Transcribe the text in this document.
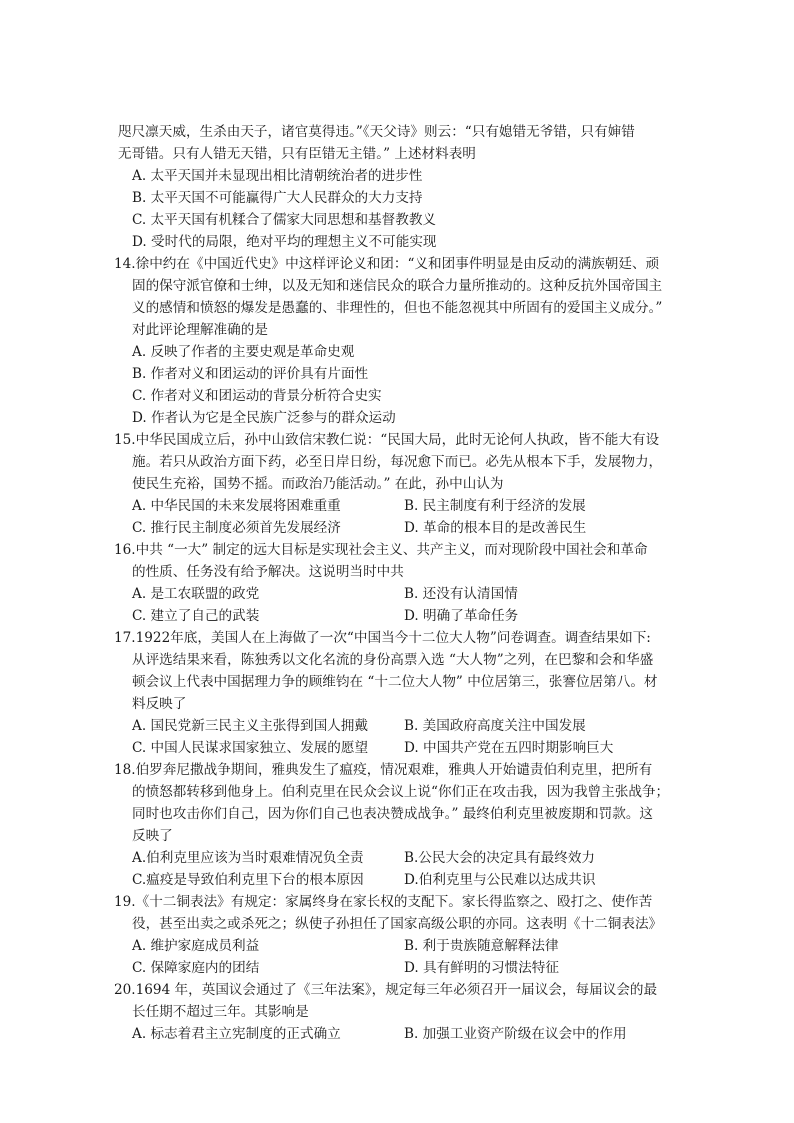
咫尺凛天威，生杀由天子，诸官莫得违。”《天父诗》则云：“只有媳错无爷错，只有婶错
无哥错。只有人错无天错，只有臣错无主错。” 上述材料表明
A. 太平天国并未显现出相比清朝统治者的进步性
B. 太平天国不可能赢得广大人民群众的大力支持
C. 太平天国有机糅合了儒家大同思想和基督教教义
D. 受时代的局限，绝对平均的理想主义不可能实现
14.徐中约在《中国近代史》中这样评论义和团：“义和团事件明显是由反动的满族朝廷、顽
固的保守派官僚和士绅，以及无知和迷信民众的联合力量所推动的。这种反抗外国帝国主
义的感情和愤怒的爆发是愚蠢的、非理性的，但也不能忽视其中所固有的爱国主义成分。”
对此评论理解准确的是
A. 反映了作者的主要史观是革命史观
B. 作者对义和团运动的评价具有片面性
C. 作者对义和团运动的背景分析符合史实
D. 作者认为它是全民族广泛参与的群众运动
15.中华民国成立后，孙中山致信宋教仁说：“民国大局，此时无论何人执政，皆不能大有设
施。若只从政治方面下药，必至日岸日纷，每况愈下而已。必先从根本下手，发展物力，
使民生充裕，国势不摇。而政治乃能活动。” 在此，孙中山认为
A. 中华民国的未来发展将困难重重	B. 民主制度有利于经济的发展
C. 推行民主制度必须首先发展经济	D. 革命的根本目的是改善民生
16.中共 “一大” 制定的远大目标是实现社会主义、共产主义，而对现阶段中国社会和革命
的性质、任务没有给予解决。这说明当时中共
A. 是工农联盟的政党	B. 还没有认清国情
C. 建立了自己的武装	D. 明确了革命任务
17.1922年底，美国人在上海做了一次“中国当今十二位大人物”问卷调查。调查结果如下:
从评选结果来看，陈独秀以文化名流的身份高票入选 “大人物”之列，在巴黎和会和华盛
顿会议上代表中国据理力争的顾维钧在 “十二位大人物” 中位居第三，张謇位居第八。材
料反映了
A. 国民党新三民主义主张得到国人拥戴	B. 美国政府高度关注中国发展
C. 中国人民谋求国家独立、发展的愿望	D. 中国共产党在五四时期影响巨大
18.伯罗奔尼撒战争期间，雅典发生了瘟疫，情况艰难，雅典人开始谴责伯利克里，把所有
的愤怒都转移到他身上。伯利克里在民众会议上说“你们正在攻击我，因为我曾主张战争；
同时也攻击你们自己，因为你们自己也表决赞成战争。” 最终伯利克里被废期和罚款。这
反映了
A.伯利克里应该为当时艰难情况负全责	B.公民大会的决定具有最终效力
C.瘟疫是导致伯利克里下台的根本原因	D.伯利克里与公民难以达成共识
19.《十二铜表法》有规定：家属终身在家长权的支配下。家长得监察之、殴打之、使作苦
役，甚至出卖之或杀死之；纵使子孙担任了国家高级公职的亦同。这表明《十二铜表法》
A. 维护家庭成员利益	B. 利于贵族随意解释法律
C. 保障家庭内的团结	D. 具有鲜明的习惯法特征
20.1694 年，英国议会通过了《三年法案》，规定每三年必须召开一届议会，每届议会的最
长任期不超过三年。其影响是
A. 标志着君主立宪制度的正式确立	B. 加强工业资产阶级在议会中的作用
